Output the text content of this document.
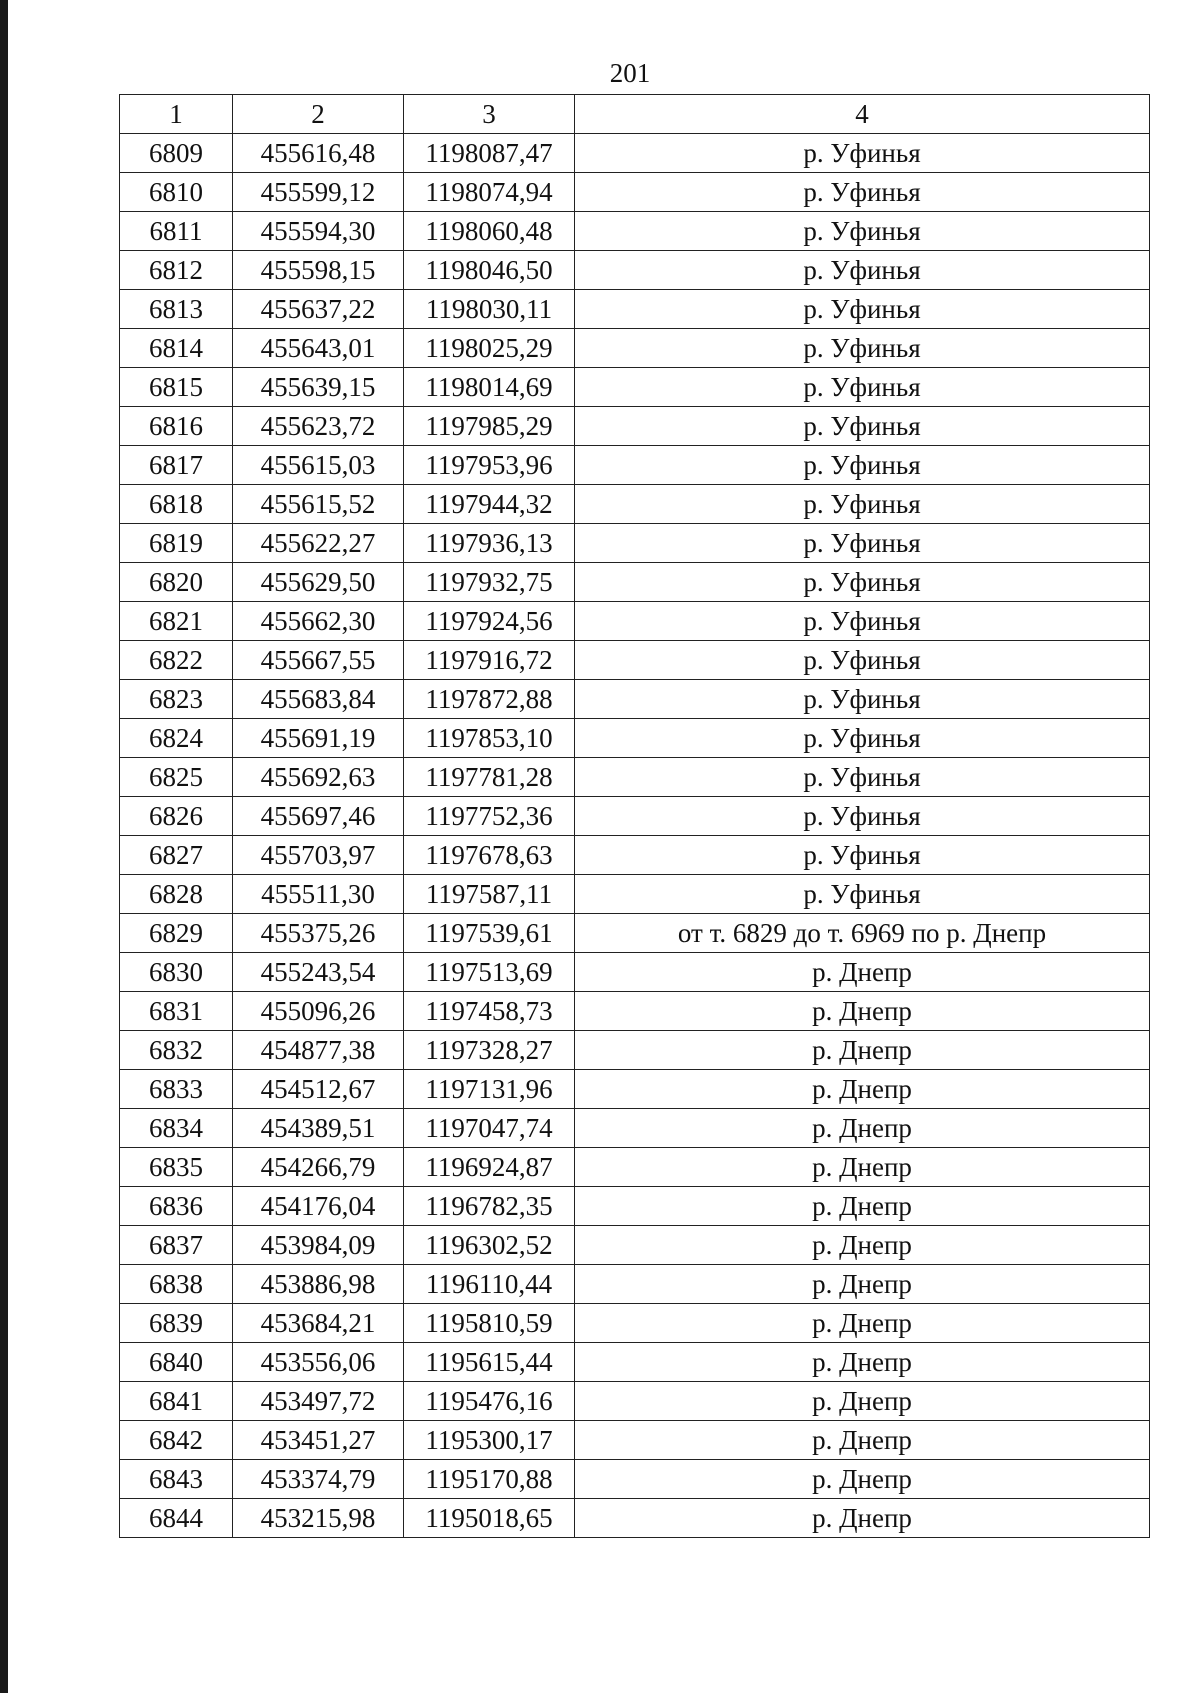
201
1	2	3	4
6809	455616,48	1198087,47	р. Уфинья
6810	455599,12	1198074,94	р. Уфинья
6811	455594,30	1198060,48	р. Уфинья
6812	455598,15	1198046,50	р. Уфинья
6813	455637,22	1198030,11	р. Уфинья
6814	455643,01	1198025,29	р. Уфинья
6815	455639,15	1198014,69	р. Уфинья
6816	455623,72	1197985,29	р. Уфинья
6817	455615,03	1197953,96	р. Уфинья
6818	455615,52	1197944,32	р. Уфинья
6819	455622,27	1197936,13	р. Уфинья
6820	455629,50	1197932,75	р. Уфинья
6821	455662,30	1197924,56	р. Уфинья
6822	455667,55	1197916,72	р. Уфинья
6823	455683,84	1197872,88	р. Уфинья
6824	455691,19	1197853,10	р. Уфинья
6825	455692,63	1197781,28	р. Уфинья
6826	455697,46	1197752,36	р. Уфинья
6827	455703,97	1197678,63	р. Уфинья
6828	455511,30	1197587,11	р. Уфинья
6829	455375,26	1197539,61	от т. 6829 до т. 6969 по р. Днепр
6830	455243,54	1197513,69	р. Днепр
6831	455096,26	1197458,73	р. Днепр
6832	454877,38	1197328,27	р. Днепр
6833	454512,67	1197131,96	р. Днепр
6834	454389,51	1197047,74	р. Днепр
6835	454266,79	1196924,87	р. Днепр
6836	454176,04	1196782,35	р. Днепр
6837	453984,09	1196302,52	р. Днепр
6838	453886,98	1196110,44	р. Днепр
6839	453684,21	1195810,59	р. Днепр
6840	453556,06	1195615,44	р. Днепр
6841	453497,72	1195476,16	р. Днепр
6842	453451,27	1195300,17	р. Днепр
6843	453374,79	1195170,88	р. Днепр
6844	453215,98	1195018,65	р. Днепр
